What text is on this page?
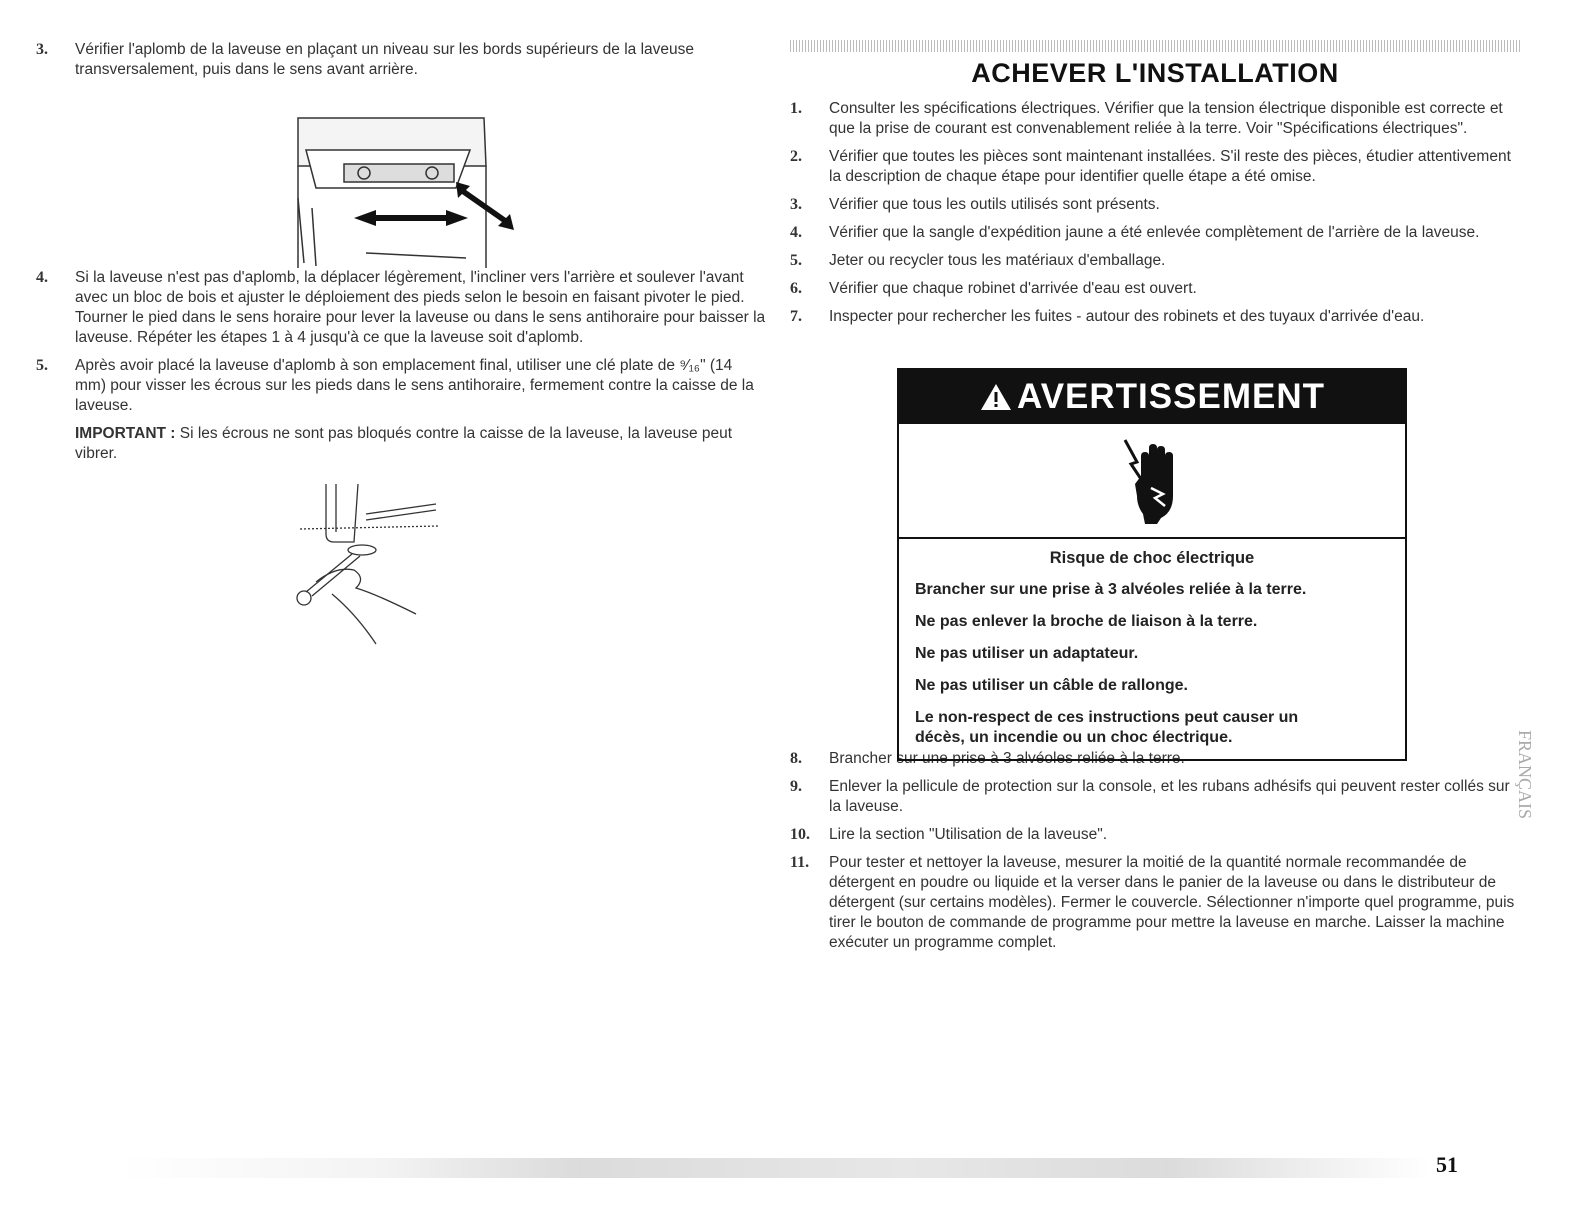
3.	Vérifier l'aplomb de la laveuse en plaçant un niveau sur les bords supérieurs de la laveuse transversalement, puis dans le sens avant arrière.
4.	Si la laveuse n'est pas d'aplomb, la déplacer légèrement, l'incliner vers l'arrière et soulever l'avant avec un bloc de bois et ajuster le déploiement des pieds selon le besoin en faisant pivoter le pied. Tourner le pied dans le sens horaire pour lever la laveuse ou dans le sens antihoraire pour baisser la laveuse. Répéter les étapes 1 à 4 jusqu'à ce que la laveuse soit d'aplomb.
5.	Après avoir placé la laveuse d'aplomb à son emplacement final, utiliser une clé plate de ⁹⁄₁₆" (14 mm) pour visser les écrous sur les pieds dans le sens antihoraire, fermement contre la caisse de la laveuse.
IMPORTANT : Si les écrous ne sont pas bloqués contre la caisse de la laveuse, la laveuse peut vibrer.
ACHEVER L'INSTALLATION
1.	Consulter les spécifications électriques. Vérifier que la tension électrique disponible est correcte et que la prise de courant est convenablement reliée à la terre. Voir "Spécifications électriques".
2.	Vérifier que toutes les pièces sont maintenant installées. S'il reste des pièces, étudier attentivement la description de chaque étape pour identifier quelle étape a été omise.
3.	Vérifier que tous les outils utilisés sont présents.
4.	Vérifier que la sangle d'expédition jaune a été enlevée complètement de l'arrière de la laveuse.
5.	Jeter ou recycler tous les matériaux d'emballage.
6.	Vérifier que chaque robinet d'arrivée d'eau est ouvert.
7.	Inspecter pour rechercher les fuites - autour des robinets et des tuyaux d'arrivée d'eau.
8.	Brancher sur une prise à 3 alvéoles reliée à la terre.
9.	Enlever la pellicule de protection sur la console, et les rubans adhésifs qui peuvent rester collés sur la laveuse.
10.	Lire la section "Utilisation de la laveuse".
11.	Pour tester et nettoyer la laveuse, mesurer la moitié de la quantité normale recommandée de détergent en poudre ou liquide et la verser dans le panier de la laveuse ou dans le distributeur de détergent (sur certains modèles). Fermer le couvercle. Sélectionner n'importe quel programme, puis tirer le bouton de commande de programme pour mettre la laveuse en marche. Laisser la machine exécuter un programme complet.
AVERTISSEMENT
Risque de choc électrique

Brancher sur une prise à 3 alvéoles reliée à la terre.

Ne pas enlever la broche de liaison à la terre.

Ne pas utiliser un adaptateur.

Ne pas utiliser un câble de rallonge.

Le non-respect de ces instructions peut causer un décès, un incendie ou un choc électrique.	FRANÇAIS
51
